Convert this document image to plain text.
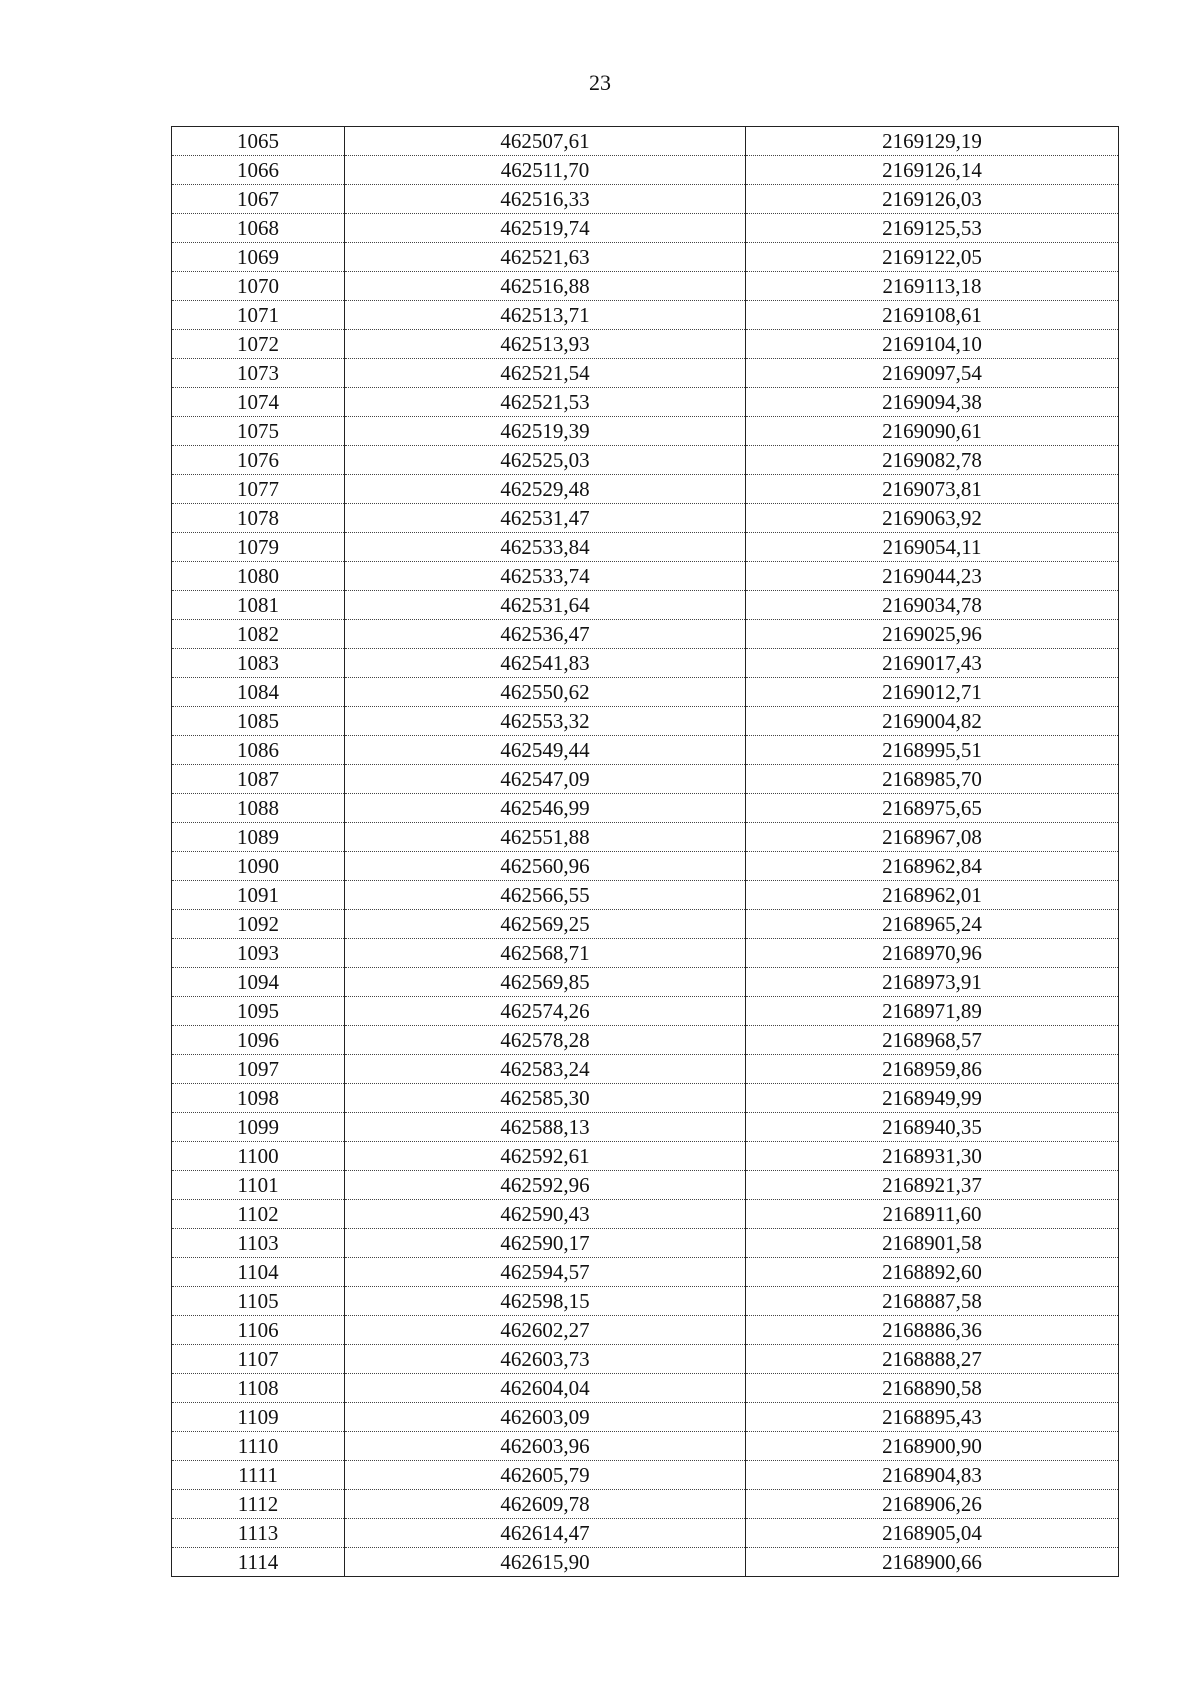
23
1065	462507,61	2169129,19
1066	462511,70	2169126,14
1067	462516,33	2169126,03
1068	462519,74	2169125,53
1069	462521,63	2169122,05
1070	462516,88	2169113,18
1071	462513,71	2169108,61
1072	462513,93	2169104,10
1073	462521,54	2169097,54
1074	462521,53	2169094,38
1075	462519,39	2169090,61
1076	462525,03	2169082,78
1077	462529,48	2169073,81
1078	462531,47	2169063,92
1079	462533,84	2169054,11
1080	462533,74	2169044,23
1081	462531,64	2169034,78
1082	462536,47	2169025,96
1083	462541,83	2169017,43
1084	462550,62	2169012,71
1085	462553,32	2169004,82
1086	462549,44	2168995,51
1087	462547,09	2168985,70
1088	462546,99	2168975,65
1089	462551,88	2168967,08
1090	462560,96	2168962,84
1091	462566,55	2168962,01
1092	462569,25	2168965,24
1093	462568,71	2168970,96
1094	462569,85	2168973,91
1095	462574,26	2168971,89
1096	462578,28	2168968,57
1097	462583,24	2168959,86
1098	462585,30	2168949,99
1099	462588,13	2168940,35
1100	462592,61	2168931,30
1101	462592,96	2168921,37
1102	462590,43	2168911,60
1103	462590,17	2168901,58
1104	462594,57	2168892,60
1105	462598,15	2168887,58
1106	462602,27	2168886,36
1107	462603,73	2168888,27
1108	462604,04	2168890,58
1109	462603,09	2168895,43
1110	462603,96	2168900,90
1111	462605,79	2168904,83
1112	462609,78	2168906,26
1113	462614,47	2168905,04
1114	462615,90	2168900,66
